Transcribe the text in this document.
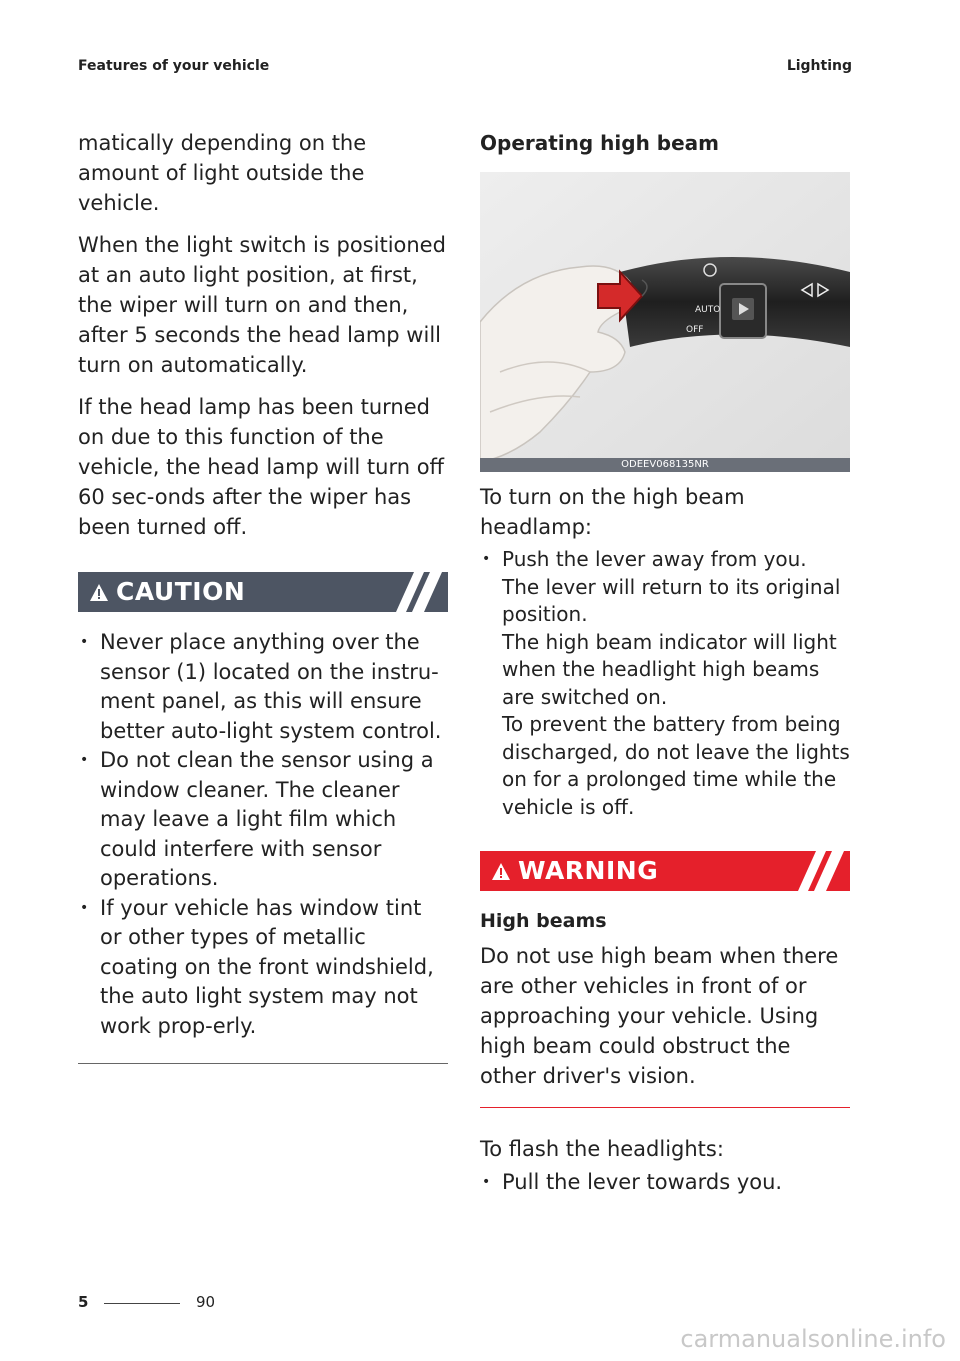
Features of your vehicle	Lighting

matically depending on the amount of light outside the vehicle.

When the light switch is positioned at an auto light position, at first, the wiper will turn on and then, after 5 seconds the head lamp will turn on automatically.

If the head lamp has been turned on due to this function of the vehicle, the head lamp will turn off 60 sec-onds after the wiper has been turned off.

CAUTION
• Never place anything over the sensor (1) located on the instru-ment panel, as this will ensure better auto-light system control.
• Do not clean the sensor using a window cleaner. The cleaner may leave a light film which could interfere with sensor operations.
• If your vehicle has window tint or other types of metallic coating on the front windshield, the auto light system may not work prop-erly.
Operating high beam
AUTO
OFF
ODEEV068135NR

To turn on the high beam headlamp:

• Push the lever away from you.
The lever will return to its original position.
The high beam indicator will light when the headlight high beams are switched on.
To prevent the battery from being discharged, do not leave the lights on for a prolonged time while the vehicle is off.
WARNING
High beams

Do not use high beam when there are other vehicles in front of or approaching your vehicle. Using high beam could obstruct the other driver's vision.

To flash the headlights:

• Pull the lever towards you.
5	90
carmanualsonline.info
